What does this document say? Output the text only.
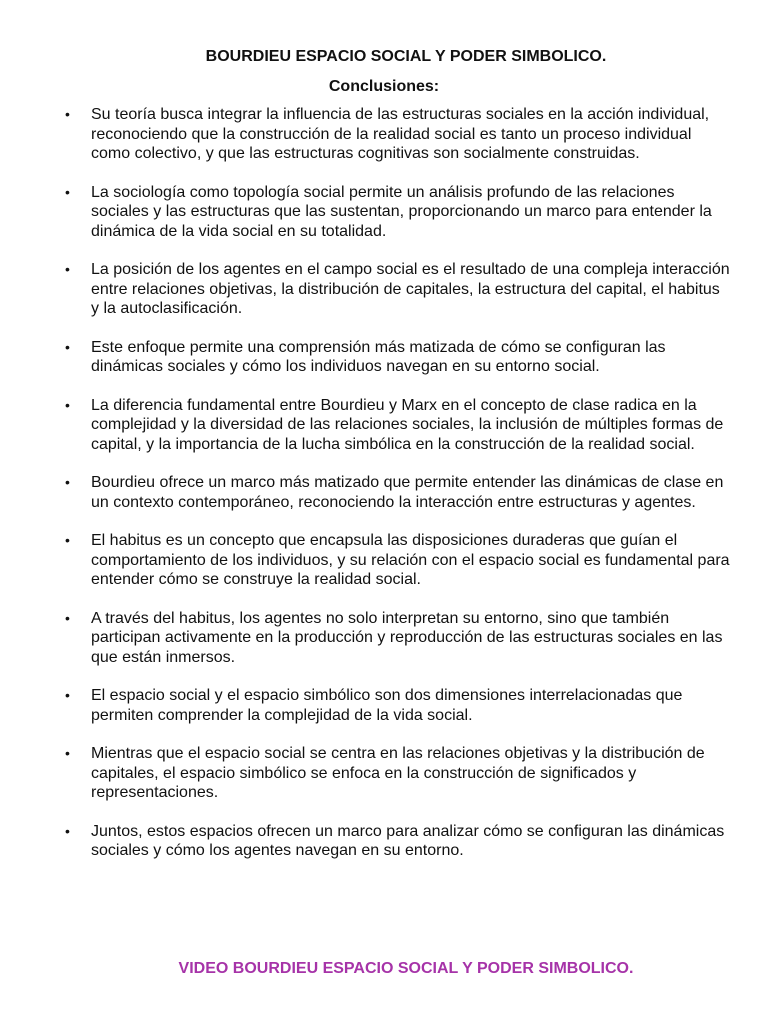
BOURDIEU ESPACIO SOCIAL Y PODER SIMBOLICO.
Conclusiones:
• Su teoría busca integrar la influencia de las estructuras sociales en la acción individual, reconociendo que la construcción de la realidad social es tanto un proceso individual como colectivo, y que las estructuras cognitivas son socialmente construidas.
• La sociología como topología social permite un análisis profundo de las relaciones sociales y las estructuras que las sustentan, proporcionando un marco para entender la dinámica de la vida social en su totalidad.
• La posición de los agentes en el campo social es el resultado de una compleja interacción entre relaciones objetivas, la distribución de capitales, la estructura del capital, el habitus y la autoclasificación.
• Este enfoque permite una comprensión más matizada de cómo se configuran las dinámicas sociales y cómo los individuos navegan en su entorno social.
• La diferencia fundamental entre Bourdieu y Marx en el concepto de clase radica en la complejidad y la diversidad de las relaciones sociales, la inclusión de múltiples formas de capital, y la importancia de la lucha simbólica en la construcción de la realidad social.
• Bourdieu ofrece un marco más matizado que permite entender las dinámicas de clase en un contexto contemporáneo, reconociendo la interacción entre estructuras y agentes.
• El habitus es un concepto que encapsula las disposiciones duraderas que guían el comportamiento de los individuos, y su relación con el espacio social es fundamental para entender cómo se construye la realidad social.
• A través del habitus, los agentes no solo interpretan su entorno, sino que también participan activamente en la producción y reproducción de las estructuras sociales en las que están inmersos.
• El espacio social y el espacio simbólico son dos dimensiones interrelacionadas que permiten comprender la complejidad de la vida social.
• Mientras que el espacio social se centra en las relaciones objetivas y la distribución de capitales, el espacio simbólico se enfoca en la construcción de significados y representaciones.
• Juntos, estos espacios ofrecen un marco para analizar cómo se configuran las dinámicas sociales y cómo los agentes navegan en su entorno.
VIDEO BOURDIEU ESPACIO SOCIAL Y PODER SIMBOLICO.
